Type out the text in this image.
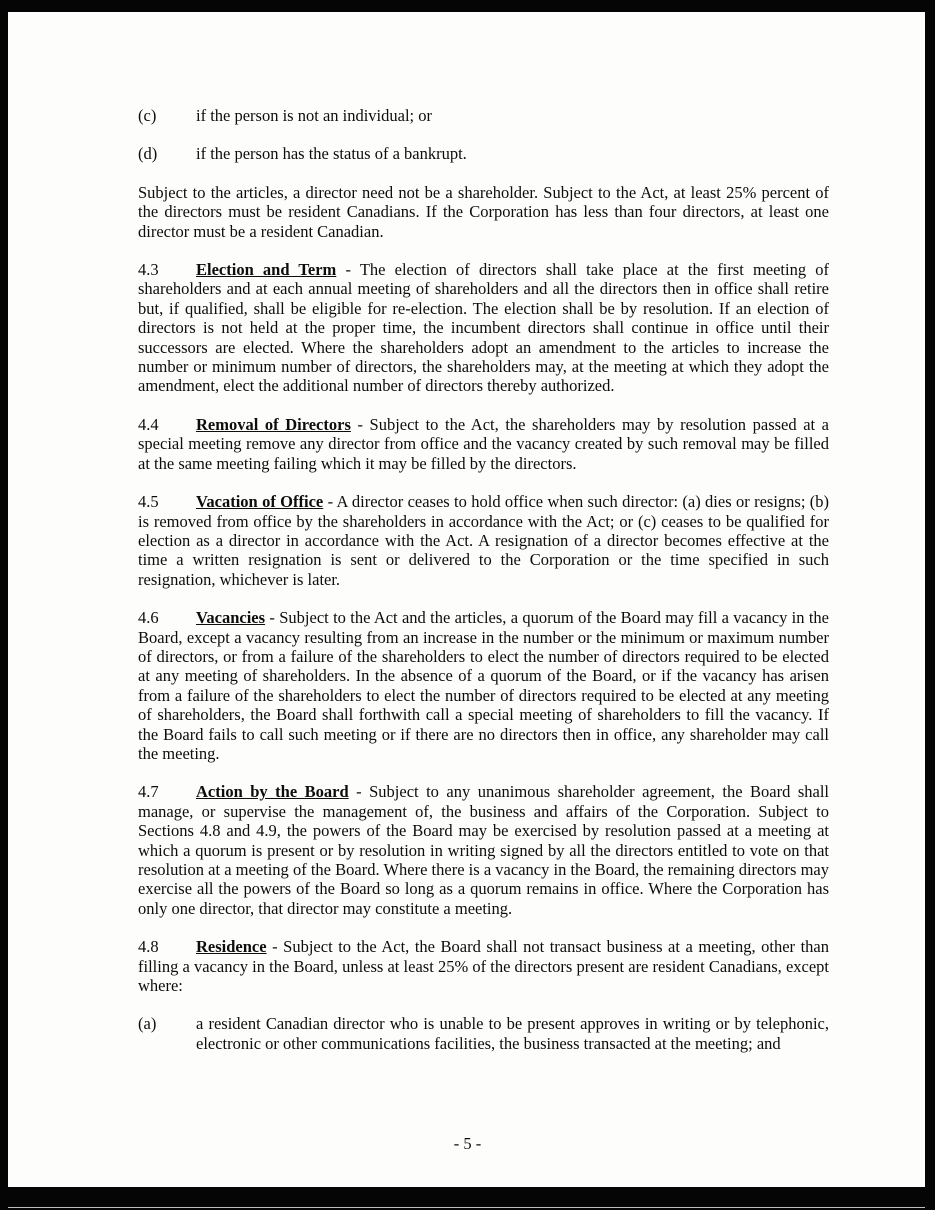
(c)	if the person is not an individual; or
(d)	if the person has the status of a bankrupt.

Subject to the articles, a director need not be a shareholder. Subject to the Act, at least 25% percent of the directors must be resident Canadians. If the Corporation has less than four directors, at least one director must be a resident Canadian.

4.3 Election and Term - The election of directors shall take place at the first meeting of shareholders and at each annual meeting of shareholders and all the directors then in office shall retire but, if qualified, shall be eligible for re-election. The election shall be by resolution. If an election of directors is not held at the proper time, the incumbent directors shall continue in office until their successors are elected. Where the shareholders adopt an amendment to the articles to increase the number or minimum number of directors, the shareholders may, at the meeting at which they adopt the amendment, elect the additional number of directors thereby authorized.

4.4 Removal of Directors - Subject to the Act, the shareholders may by resolution passed at a special meeting remove any director from office and the vacancy created by such removal may be filled at the same meeting failing which it may be filled by the directors.

4.5 Vacation of Office - A director ceases to hold office when such director: (a) dies or resigns; (b) is removed from office by the shareholders in accordance with the Act; or (c) ceases to be qualified for election as a director in accordance with the Act. A resignation of a director becomes effective at the time a written resignation is sent or delivered to the Corporation or the time specified in such resignation, whichever is later.

4.6 Vacancies - Subject to the Act and the articles, a quorum of the Board may fill a vacancy in the Board, except a vacancy resulting from an increase in the number or the minimum or maximum number of directors, or from a failure of the shareholders to elect the number of directors required to be elected at any meeting of shareholders. In the absence of a quorum of the Board, or if the vacancy has arisen from a failure of the shareholders to elect the number of directors required to be elected at any meeting of shareholders, the Board shall forthwith call a special meeting of shareholders to fill the vacancy. If the Board fails to call such meeting or if there are no directors then in office, any shareholder may call the meeting.

4.7 Action by the Board - Subject to any unanimous shareholder agreement, the Board shall manage, or supervise the management of, the business and affairs of the Corporation. Subject to Sections 4.8 and 4.9, the powers of the Board may be exercised by resolution passed at a meeting at which a quorum is present or by resolution in writing signed by all the directors entitled to vote on that resolution at a meeting of the Board. Where there is a vacancy in the Board, the remaining directors may exercise all the powers of the Board so long as a quorum remains in office. Where the Corporation has only one director, that director may constitute a meeting.

4.8 Residence - Subject to the Act, the Board shall not transact business at a meeting, other than filling a vacancy in the Board, unless at least 25% of the directors present are resident Canadians, except where:

(a)	a resident Canadian director who is unable to be present approves in writing or by telephonic, electronic or other communications facilities, the business transacted at the meeting; and
- 5 -
